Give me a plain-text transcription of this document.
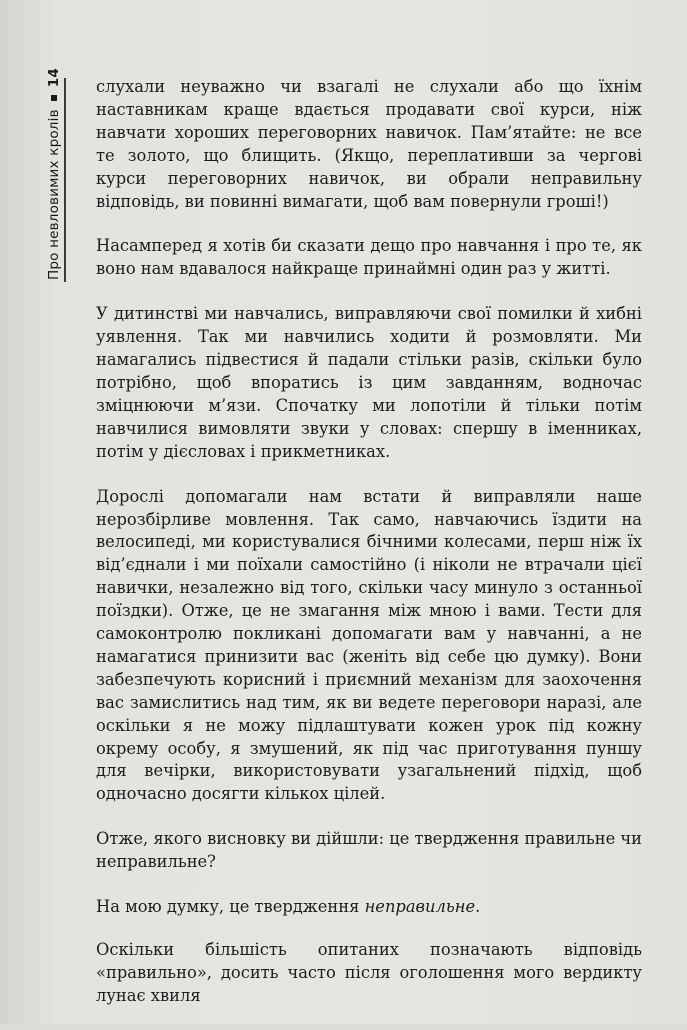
Про невловимих кролів
14 слухали неуважно чи взагалі не слухали або що їхнім наставникам краще вдається продавати свої курси, ніж навчати хороших переговорних навичок. Пам’ятайте: не все те золото, що блищить. (Якщо, переплативши за чергові курси переговорних навичок, ви обрали неправильну відповідь, ви повинні вимагати, щоб вам повернули гроші!)

Насамперед я хотів би сказати дещо про навчання і про те, як воно нам вдавалося найкраще принаймні один раз у житті.

У дитинстві ми навчались, виправляючи свої помилки й хибні уявлення. Так ми навчились ходити й розмовляти. Ми намагались підвестися й падали стільки разів, скільки було потрібно, щоб впоратись із цим завданням, водночас зміцнюючи м’язи. Спочатку ми лопотіли й тільки потім навчилися вимовляти звуки у словах: спершу в іменниках, потім у дієсловах і прикметниках.

Дорослі допомагали нам встати й виправляли наше нерозбірливе мовлення. Так само, навчаючись їздити на велосипеді, ми користувалися бічними колесами, перш ніж їх від’єднали і ми поїхали самостійно (і ніколи не втрачали цієї навички, незалежно від того, скільки часу минуло з останньої поїздки). Отже, це не змагання між мною і вами. Тести для самоконтролю покликані допомагати вам у навчанні, а не намагатися принизити вас (женіть від себе цю думку). Вони забезпечують корисний і приємний механізм для заохочення вас замислитись над тим, як ви ведете переговори наразі, але оскільки я не можу підлаштувати кожен урок під кожну окрему особу, я змушений, як під час приготування пуншу для вечірки, використовувати узагальнений підхід, щоб одночасно досягти кількох цілей.

Отже, якого висновку ви дійшли: це твердження правильне чи неправильне?

На мою думку, це твердження неправильне.

Оскільки більшість опитаних позначають відповідь «правильно», досить часто після оголошення мого вердикту лунає хвиля
